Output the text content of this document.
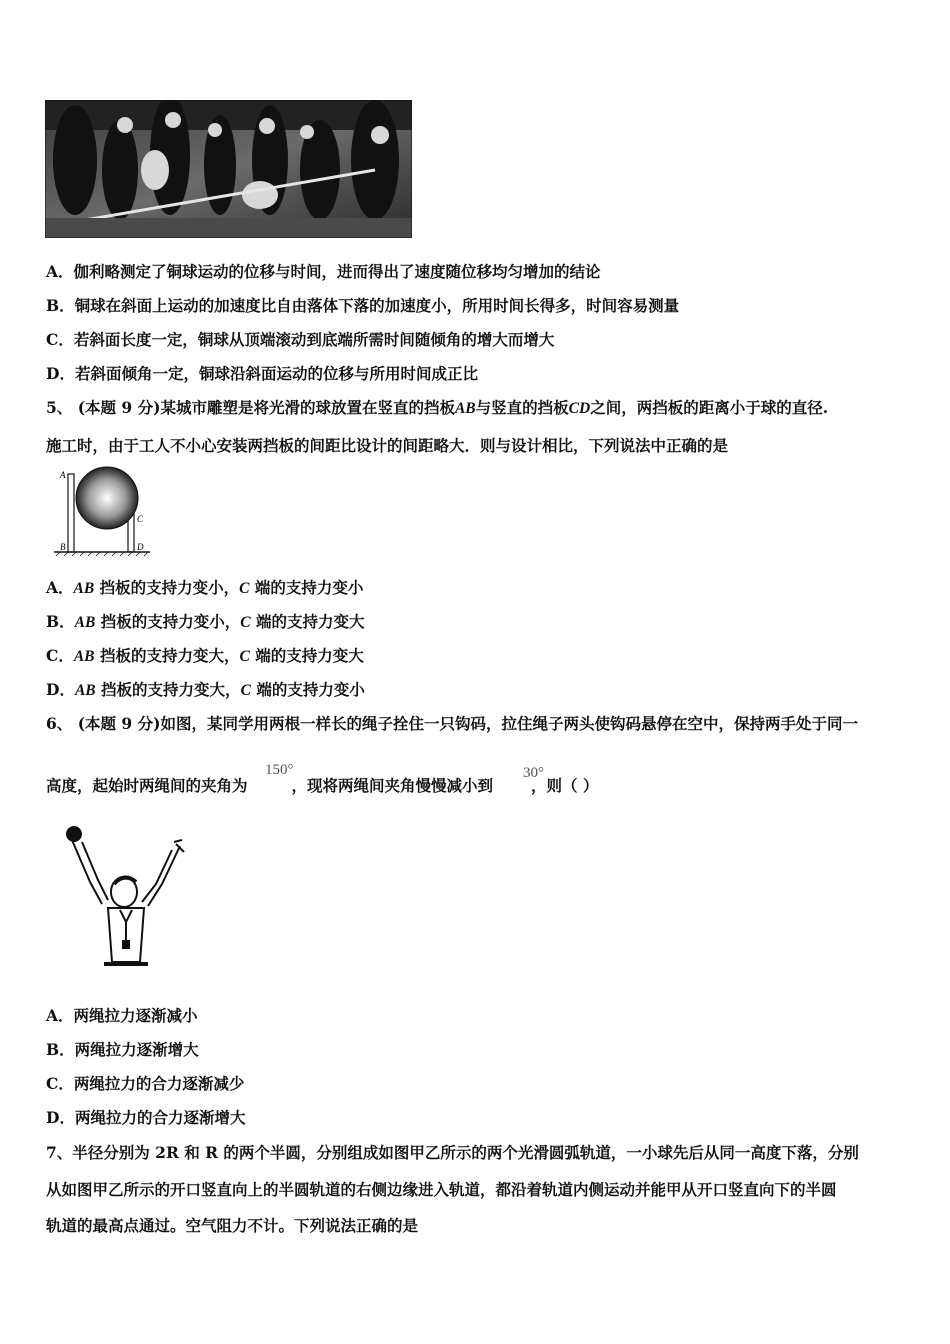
A．伽利略测定了铜球运动的位移与时间，进而得出了速度随位移均匀增加的结论
B．铜球在斜面上运动的加速度比自由落体下落的加速度小，所用时间长得多，时间容易测量
C．若斜面长度一定，铜球从顶端滚动到底端所需时间随倾角的增大而增大
D．若斜面倾角一定，铜球沿斜面运动的位移与所用时间成正比
5、 (本题 9 分)某城市雕塑是将光滑的球放置在竖直的挡板AB与竖直的挡板CD之间，两挡板的距离小于球的直径.
施工时，由于工人不小心安装两挡板的间距比设计的间距略大．则与设计相比，下列说法中正确的是
A
B
C
D
A．AB 挡板的支持力变小，C 端的支持力变小
B．AB 挡板的支持力变小，C 端的支持力变大
C．AB 挡板的支持力变大，C 端的支持力变大
D．AB 挡板的支持力变大，C 端的支持力变小
6、 (本题 9 分)如图，某同学用两根一样长的绳子拴住一只钩码，拉住绳子两头使钩码悬停在空中，保持两手处于同一
高度，起始时两绳间的夹角为	，现将两绳间夹角慢慢减小到 ，则（ ）
150°	30°
A．两绳拉力逐渐减小
B．两绳拉力逐渐增大
C．两绳拉力的合力逐渐减少
D．两绳拉力的合力逐渐增大
7、半径分别为 2R 和 R 的两个半圆，分别组成如图甲乙所示的两个光滑圆弧轨道，一小球先后从同一高度下落，分别
从如图甲乙所示的开口竖直向上的半圆轨道的右侧边缘进入轨道，都沿着轨道内侧运动并能甲从开口竖直向下的半圆
轨道的最高点通过。空气阻力不计。下列说法正确的是
